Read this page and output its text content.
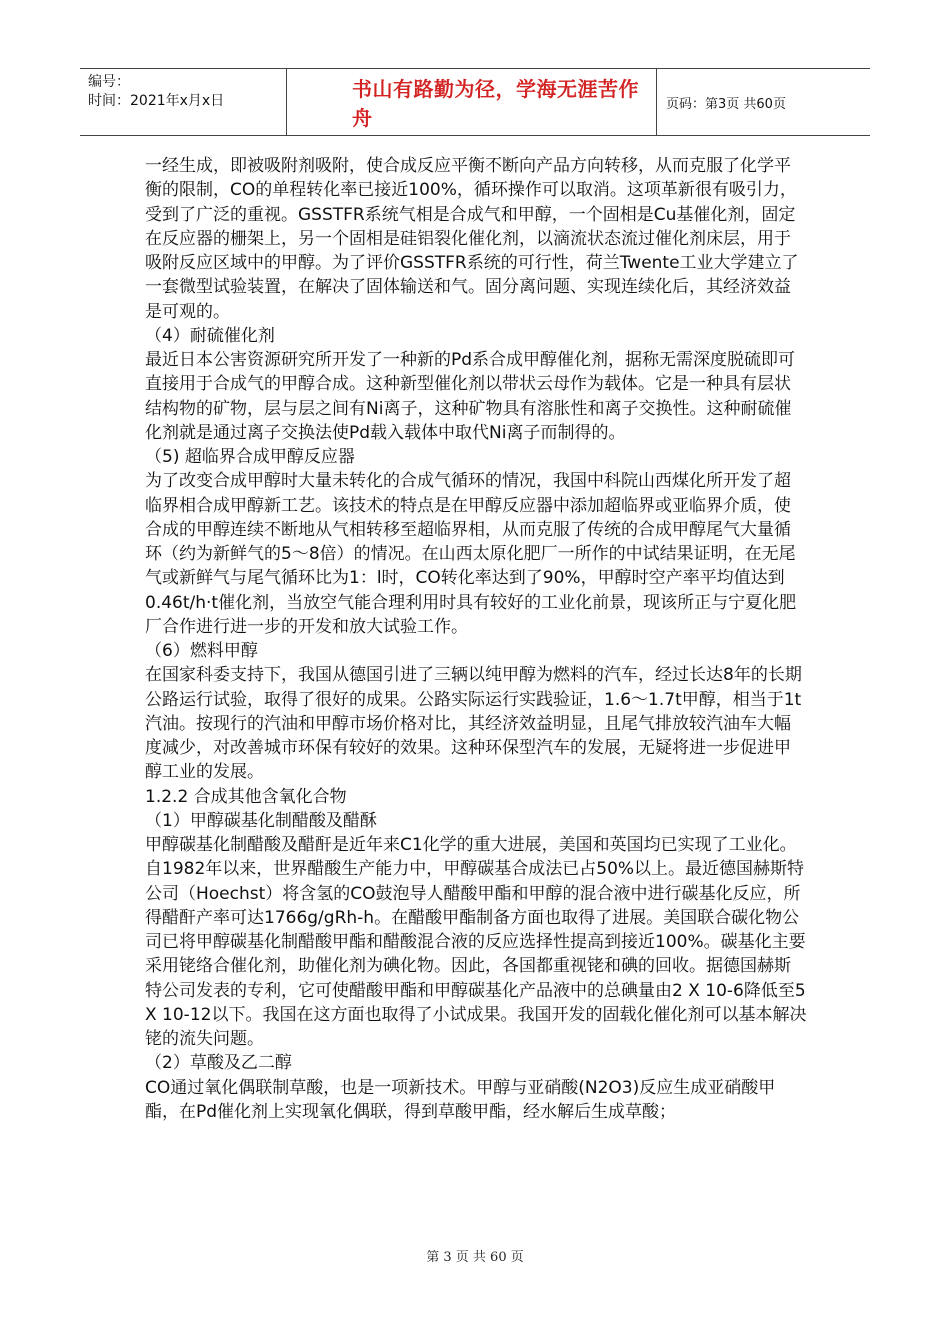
编号：
时间：2021年x月x日	书山有路勤为径，学海无涯苦作舟
页码：第3页 共60页

一经生成，即被吸附剂吸附，使合成反应平衡不断向产品方向转移，从而克服了化学平衡的限制，CO的单程转化率已接近100%，循环操作可以取消。这项革新很有吸引力，受到了广泛的重视。GSSTFR系统气相是合成气和甲醇，一个固相是Cu基催化剂，固定在反应器的栅架上，另一个固相是硅铝裂化催化剂，以滴流状态流过催化剂床层，用于吸附反应区域中的甲醇。为了评价GSSTFR系统的可行性，荷兰Twente工业大学建立了一套微型试验装置，在解决了固体输送和气。固分离问题、实现连续化后，其经济效益是可观的。

（4）耐硫催化剂

最近日本公害资源研究所开发了一种新的Pd系合成甲醇催化剂，据称无需深度脱硫即可直接用于合成气的甲醇合成。这种新型催化剂以带状云母作为载体。它是一种具有层状结构物的矿物，层与层之间有Ni离子，这种矿物具有溶胀性和离子交换性。这种耐硫催化剂就是通过离子交换法使Pd载入载体中取代Ni离子而制得的。

（5) 超临界合成甲醇反应器

为了改变合成甲醇时大量未转化的合成气循环的情况，我国中科院山西煤化所开发了超临界相合成甲醇新工艺。该技术的特点是在甲醇反应器中添加超临界或亚临界介质，使合成的甲醇连续不断地从气相转移至超临界相，从而克服了传统的合成甲醇尾气大量循环（约为新鲜气的5～8倍）的情况。在山西太原化肥厂一所作的中试结果证明，在无尾气或新鲜气与尾气循环比为1：l时，CO转化率达到了90%，甲醇时空产率平均值达到0.46t/h·t催化剂，当放空气能合理利用时具有较好的工业化前景，现该所正与宁夏化肥厂合作进行进一步的开发和放大试验工作。

（6）燃料甲醇

在国家科委支持下，我国从德国引进了三辆以纯甲醇为燃料的汽车，经过长达8年的长期公路运行试验，取得了很好的成果。公路实际运行实践验证，1.6～1.7t甲醇，相当于1t汽油。按现行的汽油和甲醇市场价格对比，其经济效益明显，且尾气排放较汽油车大幅度减少，对改善城市环保有较好的效果。这种环保型汽车的发展，无疑将进一步促进甲醇工业的发展。

1.2.2 合成其他含氧化合物

（1）甲醇碳基化制醋酸及醋酥

甲醇碳基化制醋酸及醋酐是近年来C1化学的重大进展，美国和英国均已实现了工业化。自1982年以来，世界醋酸生产能力中，甲醇碳基合成法已占50%以上。最近德国赫斯特公司（Hoechst）将含氢的CO鼓泡导人醋酸甲酯和甲醇的混合液中进行碳基化反应，所得醋酐产率可达1766g/gRh-h。在醋酸甲酯制备方面也取得了进展。美国联合碳化物公司已将甲醇碳基化制醋酸甲酯和醋酸混合液的反应选择性提高到接近100%。碳基化主要采用铑络合催化剂，助催化剂为碘化物。因此，各国都重视铑和碘的回收。据德国赫斯特公司发表的专利，它可使醋酸甲酯和甲醇碳基化产品液中的总碘量由2 X 10-6降低至5 X 10-12以下。我国在这方面也取得了小试成果。我国开发的固载化催化剂可以基本解决铑的流失问题。

（2）草酸及乙二醇

CO通过氧化偶联制草酸，也是一项新技术。甲醇与亚硝酸(N2O3)反应生成亚硝酸甲酯，在Pd催化剂上实现氧化偶联，得到草酸甲酯，经水解后生成草酸；

第 3 页 共 60 页
